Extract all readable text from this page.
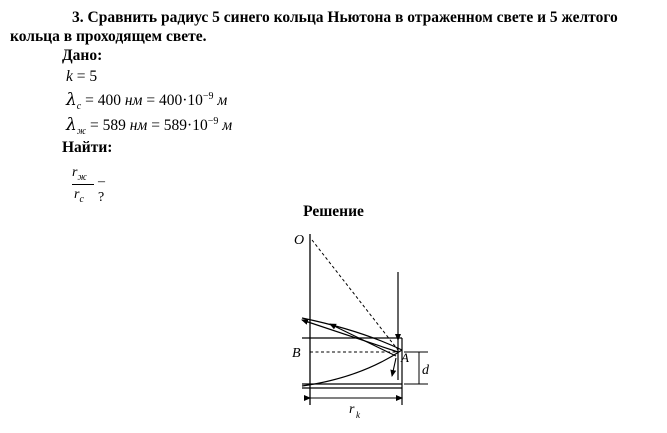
3. Сравнить радиус 5 синего кольца Ньютона в отраженном свете и 5 желтого
кольца в проходящем свете.
Дано:
k = 5
$\lambda_с = 400$ нм = $400\cdot 10^{-9}$ м
$\lambda_ж = 589$ нм = $589\cdot 10^{-9}$ м
Найти:
$r_ж$
$r_с$
– ?
Решение
O
B	A
d
r k
